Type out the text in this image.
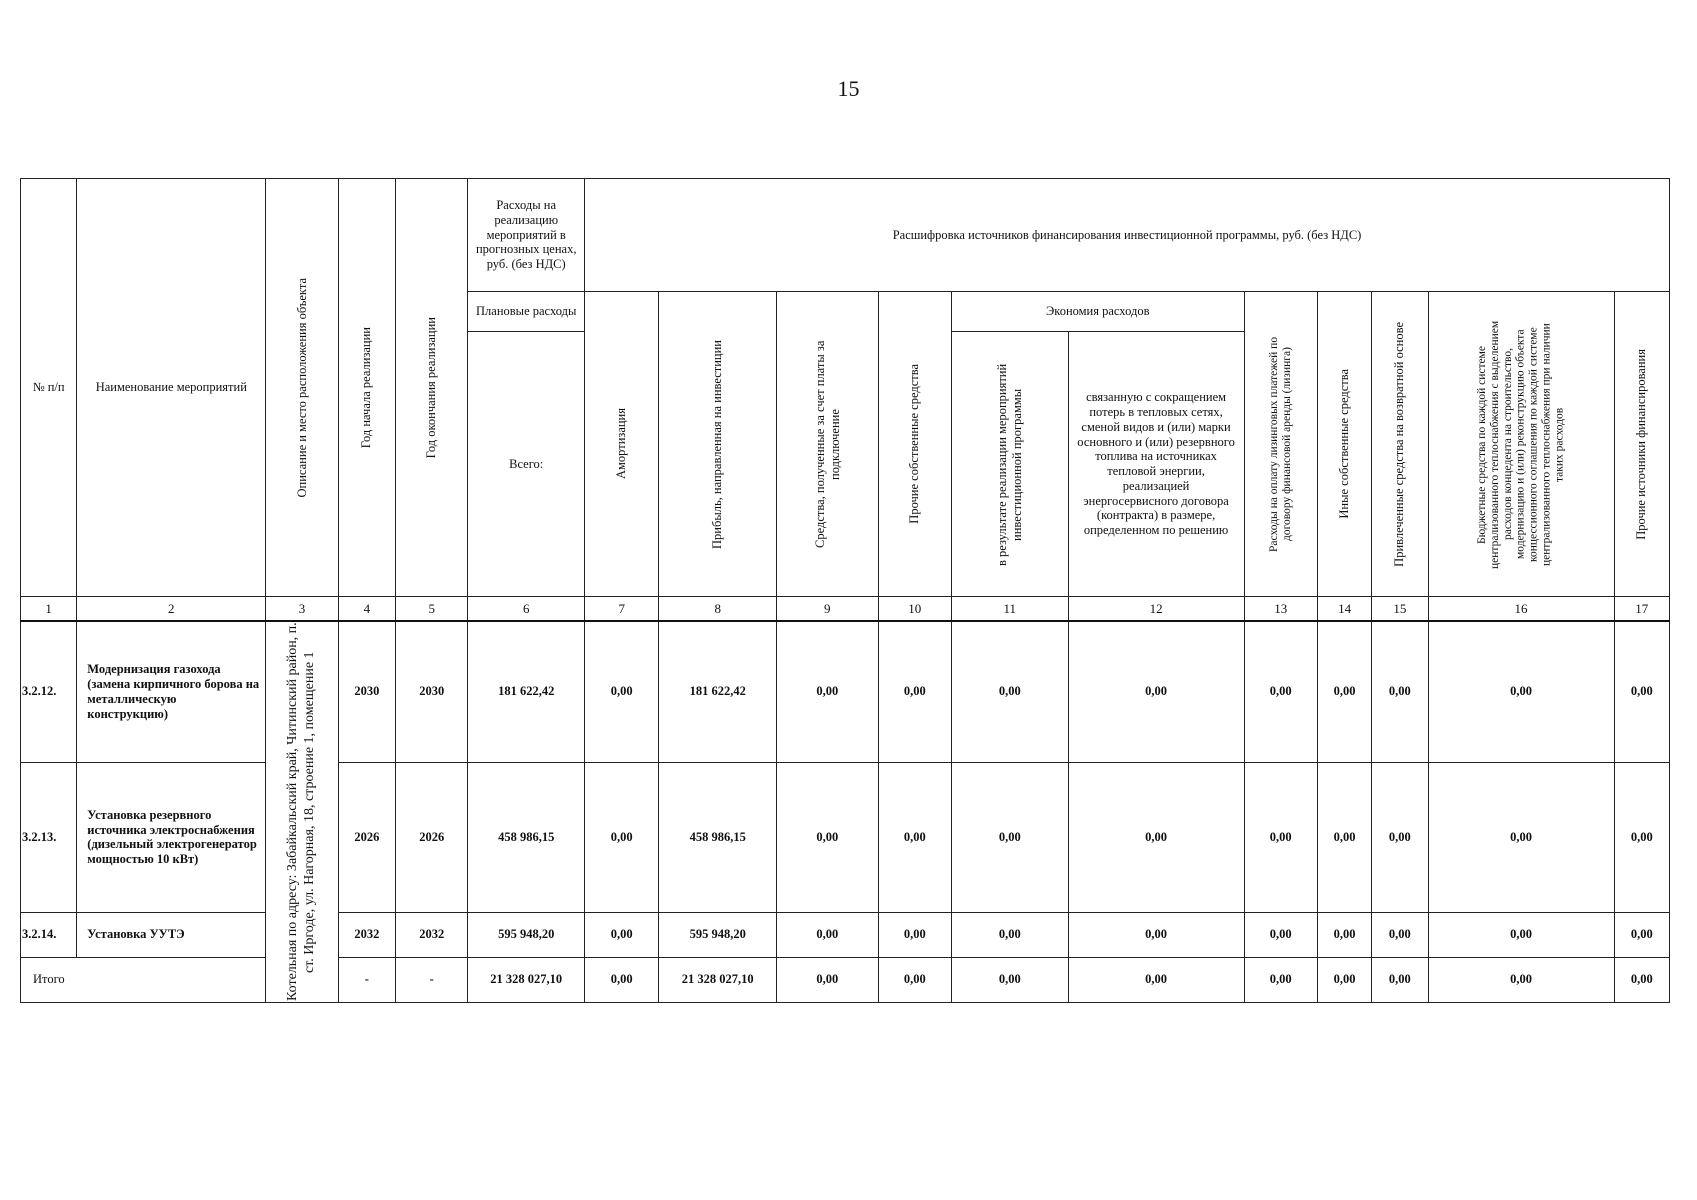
15
№ п/п	Наименование мероприятий	Описание и место расположения объекта	Год начала реализации	Год окончания реализации	Расходы на реализацию мероприятий в прогнозных ценах, руб. (без НДС)	Расшифровка источников финансирования инвестиционной программы, руб. (без НДС)										
					Плановые расходы	Амортизация	Прибыль, направленная на инвестиции	Средства, полученные за счет платы за подключение	Прочие собственные средства	Экономия расходов		Расходы на оплату лизинговых платежей по договору финансовой аренды (лизинга)	Иные собственные средства	Привлеченные средства на возвратной основе	Бюджетные средства по каждой системе централизованного теплоснабжения с выделением расходов концедента на строительство, модернизацию и (или) реконструкцию объекта концессионного соглашения по каждой системе централизованного теплоснабжения при наличии таких расходов	Прочие источники финансирования

					Всего:					в результате реализации мероприятий инвестиционной программы	связанную с сокращением потерь в тепловых сетях, сменой видов и (или) марки основного и (или) резервного топлива на источниках тепловой энергии, реализацией энергосервисного договора (контракта) в размере, определенном по решению					
1	2	3	4	5	6	7	8	9	10	11	12	13	14	15	16	17
3.2.12.	Модернизация газохода (замена кирпичного борова на металлическую конструкцию)	Котельная по адресу: Забайкальский край, Читинский район, п. ст. Иргоде, ул. Нагорная, 18, строение 1, помещение 1	2030	2030	181 622,42	0,00	181 622,42	0,00	0,00	0,00	0,00	0,00	0,00	0,00	0,00	0,00
3.2.13.	Установка резервного источника электроснабжения (дизельный электрогенератор мощностью 10 кВт)		2026	2026	458 986,15	0,00	458 986,15	0,00	0,00	0,00	0,00	0,00	0,00	0,00	0,00	0,00
3.2.14.	Установка УУТЭ		2032	2032	595 948,20	0,00	595 948,20	0,00	0,00	0,00	0,00	0,00	0,00	0,00	0,00	0,00
Итого			-	-	21 328 027,10	0,00	21 328 027,10	0,00	0,00	0,00	0,00	0,00	0,00	0,00	0,00	0,00
